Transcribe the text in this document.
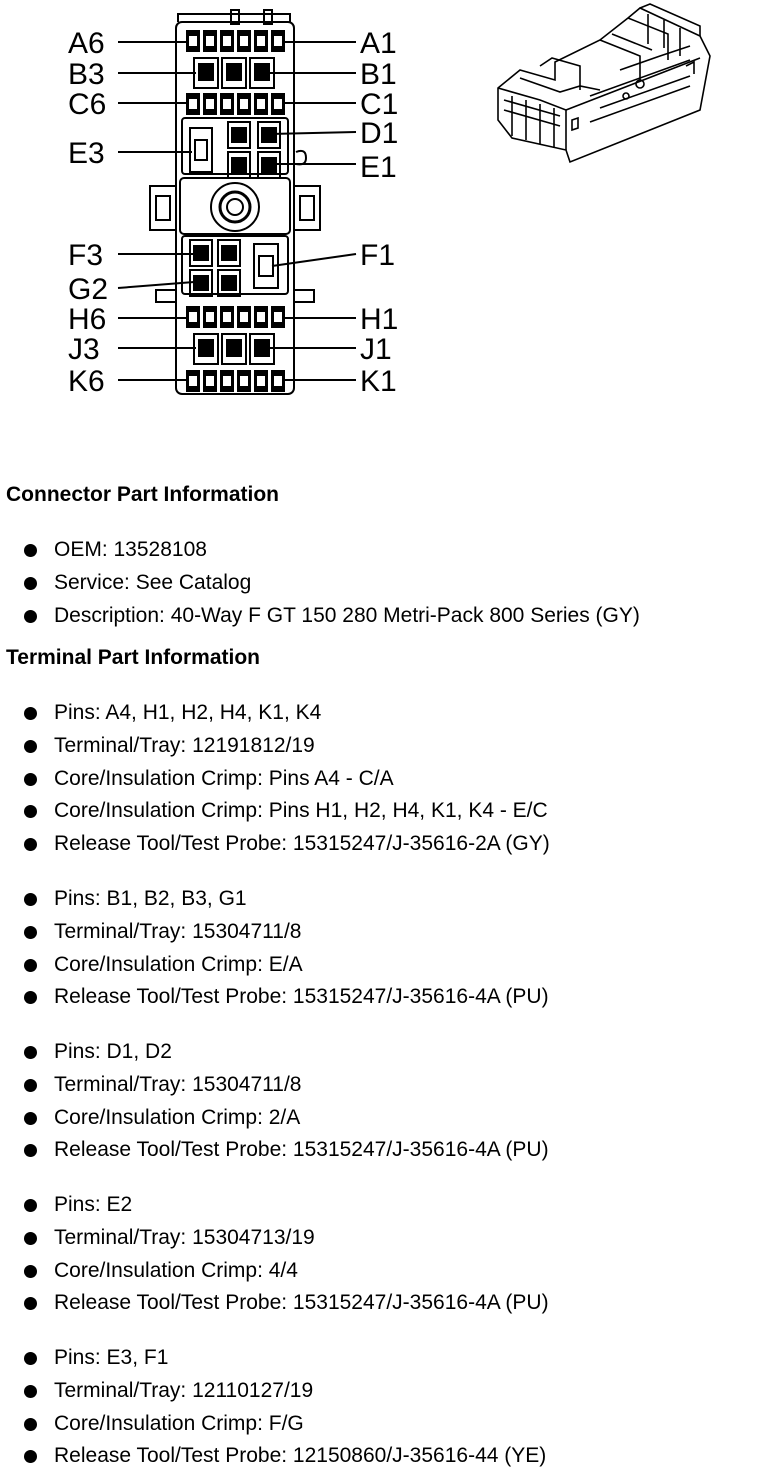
A6
B3
C6
E3
F3
G2
H6
J3
K6
A1
B1
C1
D1
E1
F1
H1
J1
K1
Connector Part Information
OEM: 13528108
Service: See Catalog
Description: 40-Way F GT 150 280 Metri-Pack 800 Series (GY)
Terminal Part Information
Pins: A4, H1, H2, H4, K1, K4
Terminal/Tray: 12191812/19
Core/Insulation Crimp: Pins A4 - C/A
Core/Insulation Crimp: Pins H1, H2, H4, K1, K4 - E/C
Release Tool/Test Probe: 15315247/J-35616-2A (GY)
Pins: B1, B2, B3, G1
Terminal/Tray: 15304711/8
Core/Insulation Crimp: E/A
Release Tool/Test Probe: 15315247/J-35616-4A (PU)
Pins: D1, D2
Terminal/Tray: 15304711/8
Core/Insulation Crimp: 2/A
Release Tool/Test Probe: 15315247/J-35616-4A (PU)
Pins: E2
Terminal/Tray: 15304713/19
Core/Insulation Crimp: 4/4
Release Tool/Test Probe: 15315247/J-35616-4A (PU)
Pins: E3, F1
Terminal/Tray: 12110127/19
Core/Insulation Crimp: F/G
Release Tool/Test Probe: 12150860/J-35616-44 (YE)
